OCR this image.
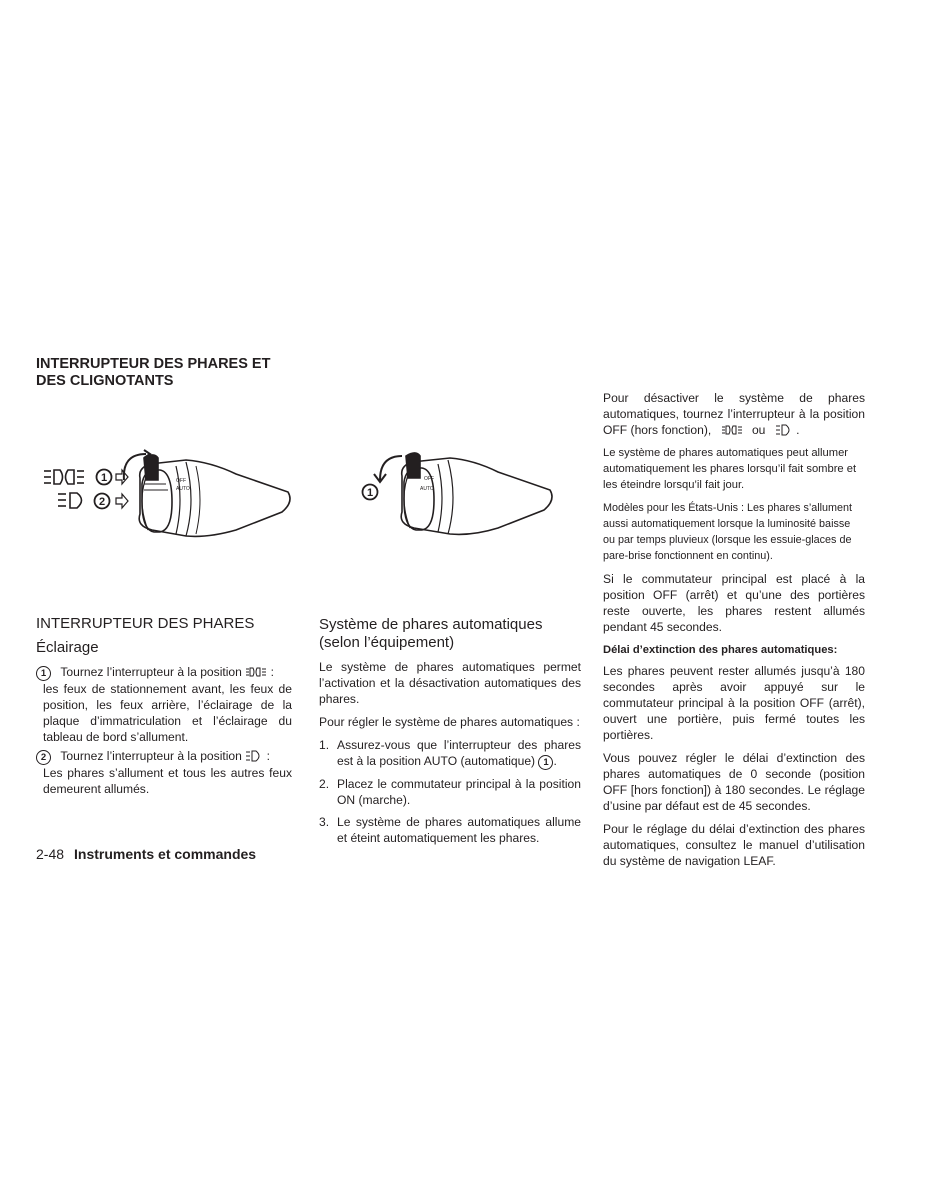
INTERRUPTEUR DES PHARES ET DES CLIGNOTANTS
1
2
OFF
AUTO	1
OFF
AUTO
INTERRUPTEUR DES PHARES
Éclairage
1 Tournez l’interrupteur à la position  :
les feux de stationnement avant, les feux de position, les feux arrière, l’éclairage de la plaque d’immatriculation et l’éclairage du tableau de bord s’allument.
2 Tournez l’interrupteur à la position  :
Les phares s’allument et tous les autres feux demeurent allumés.
Système de phares automatiques (selon l’équipement)

Le système de phares automatiques permet l’activation et la désactivation automatiques des phares.

Pour régler le système de phares automatiques :

1. Assurez-vous que l’interrupteur des phares est à la position AUTO (automatique) 1 .
2. Placez le commutateur principal à la position ON (marche).
3. Le système de phares automatiques allume et éteint automatiquement les phares.

Pour désactiver le système de phares automatiques, tournez l’interrupteur à la position OFF (hors fonction),	ou  .

Le système de phares automatiques peut allumer automatiquement les phares lorsqu’il fait sombre et les éteindre lorsqu’il fait jour.

Modèles pour les États-Unis : Les phares s’allument aussi automatiquement lorsque la luminosité baisse ou par temps pluvieux (lorsque les essuie-glaces de pare-brise fonctionnent en continu).

Si le commutateur principal est placé à la position OFF (arrêt) et qu’une des portières reste ouverte, les phares restent allumés pendant 45 secondes.

Délai d’extinction des phares automatiques:

Les phares peuvent rester allumés jusqu’à 180 secondes après avoir appuyé sur le commutateur principal à la position OFF (arrêt), ouvert une portière, puis fermé toutes les portières.

Vous pouvez régler le délai d’extinction des phares automatiques de 0 seconde (position OFF [hors fonction]) à 180 secondes. Le réglage d’usine par défaut est de 45 secondes.

Pour le réglage du délai d’extinction des phares automatiques, consultez le manuel d’utilisation du système de navigation LEAF.

2-48 Instruments et commandes
